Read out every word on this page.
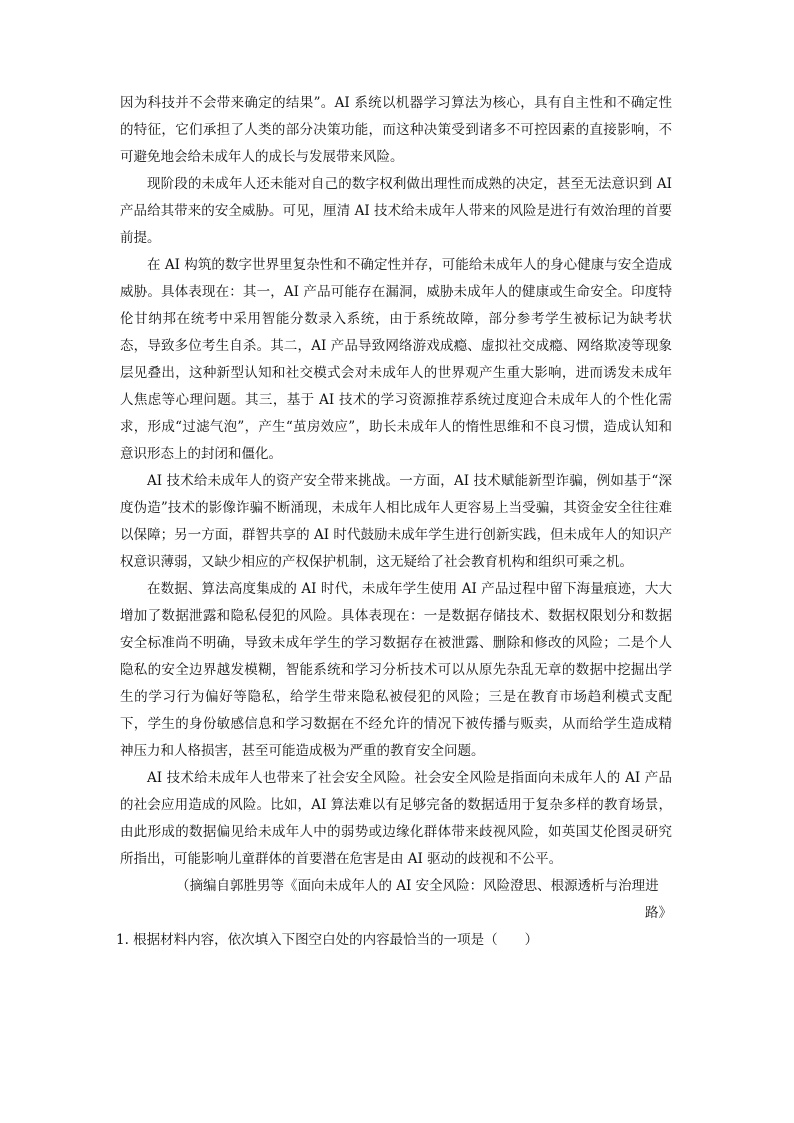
因为科技并不会带来确定的结果”。AI 系统以机器学习算法为核心，具有自主性和不确定性的特征，它们承担了人类的部分决策功能，而这种决策受到诸多不可控因素的直接影响，不可避免地会给未成年人的成长与发展带来风险。

现阶段的未成年人还未能对自己的数字权利做出理性而成熟的决定，甚至无法意识到 AI 产品给其带来的安全威胁。可见，厘清 AI 技术给未成年人带来的风险是进行有效治理的首要前提。

在 AI 构筑的数字世界里复杂性和不确定性并存，可能给未成年人的身心健康与安全造成威胁。具体表现在：其一，AI 产品可能存在漏洞，威胁未成年人的健康或生命安全。印度特伦甘纳邦在统考中采用智能分数录入系统，由于系统故障，部分参考学生被标记为缺考状态，导致多位考生自杀。其二，AI 产品导致网络游戏成瘾、虚拟社交成瘾、网络欺凌等现象层见叠出，这种新型认知和社交模式会对未成年人的世界观产生重大影响，进而诱发未成年人焦虑等心理问题。其三，基于 AI 技术的学习资源推荐系统过度迎合未成年人的个性化需求，形成“过滤气泡”，产生“茧房效应”，助长未成年人的惰性思维和不良习惯，造成认知和意识形态上的封闭和僵化。

AI 技术给未成年人的资产安全带来挑战。一方面，AI 技术赋能新型诈骗，例如基于“深度伪造”技术的影像诈骗不断涌现，未成年人相比成年人更容易上当受骗，其资金安全往往难以保障；另一方面，群智共享的 AI 时代鼓励未成年学生进行创新实践，但未成年人的知识产权意识薄弱，又缺少相应的产权保护机制，这无疑给了社会教育机构和组织可乘之机。

在数据、算法高度集成的 AI 时代，未成年学生使用 AI 产品过程中留下海量痕迹，大大增加了数据泄露和隐私侵犯的风险。具体表现在：一是数据存储技术、数据权限划分和数据安全标准尚不明确，导致未成年学生的学习数据存在被泄露、删除和修改的风险；二是个人隐私的安全边界越发模糊，智能系统和学习分析技术可以从原先杂乱无章的数据中挖掘出学生的学习行为偏好等隐私，给学生带来隐私被侵犯的风险；三是在教育市场趋利模式支配下，学生的身份敏感信息和学习数据在不经允许的情况下被传播与贩卖，从而给学生造成精神压力和人格损害，甚至可能造成极为严重的教育安全问题。

AI 技术给未成年人也带来了社会安全风险。社会安全风险是指面向未成年人的 AI 产品的社会应用造成的风险。比如，AI 算法难以有足够完备的数据适用于复杂多样的教育场景，由此形成的数据偏见给未成年人中的弱势或边缘化群体带来歧视风险，如英国艾伦图灵研究所指出，可能影响儿童群体的首要潜在危害是由 AI 驱动的歧视和不公平。

（摘编自郭胜男等《面向未成年人的 AI 安全风险：风险澄思、根源透析与治理进

路》

1. 根据材料内容，依次填入下图空白处的内容最恰当的一项是（　　）
